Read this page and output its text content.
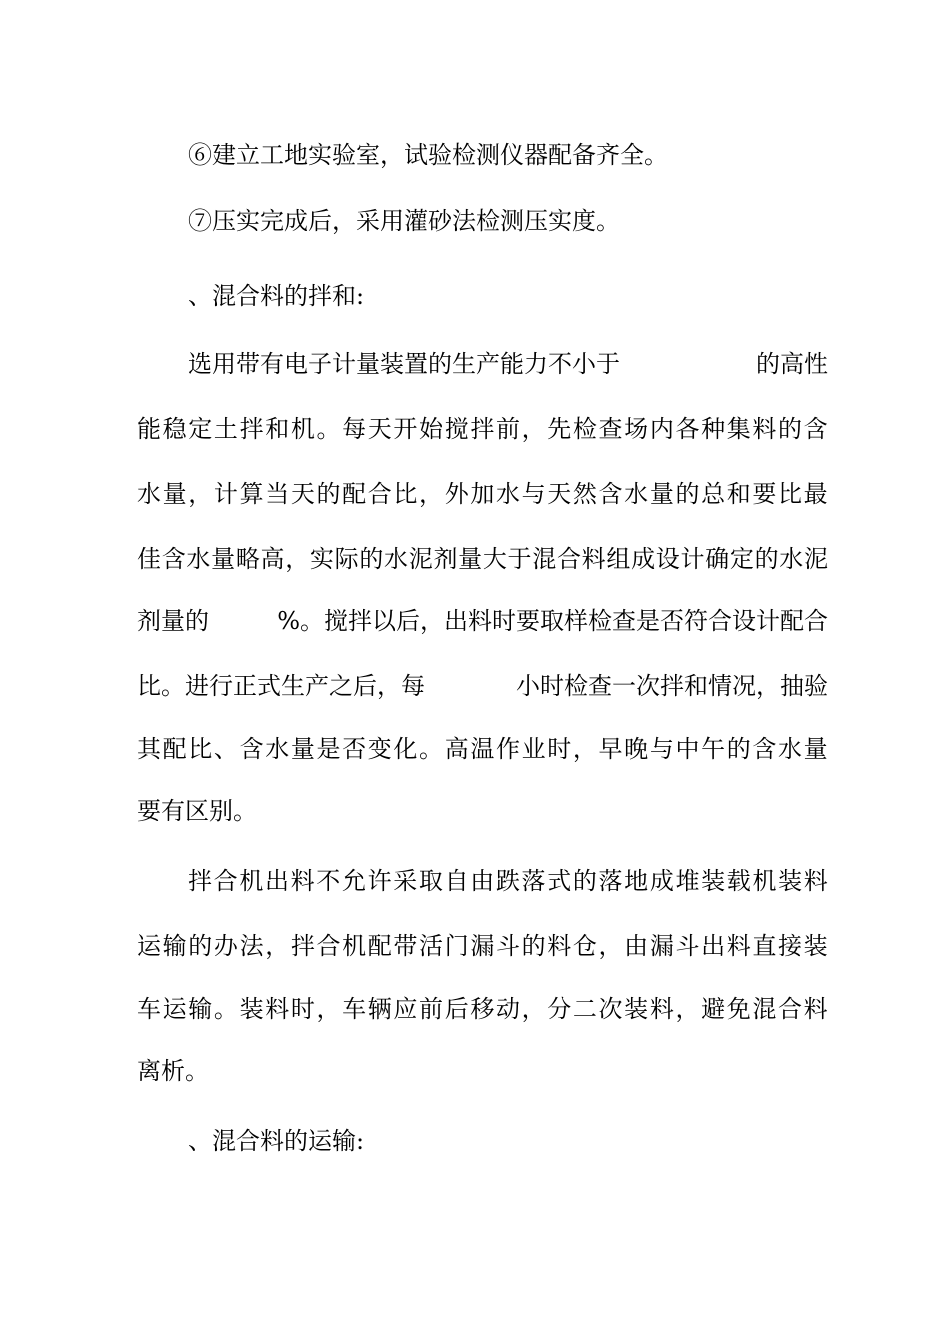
⑥建立工地实验室，试验检测仪器配备齐全。
⑦压实完成后，采用灌砂法检测压实度。
、混合料的拌和:
选用带有电子计量装置的生产能力不小于	的高性
能 稳 定 土 拌 和 机 。 每 天 开 始 搅 拌 前 ， 先 检 查 场 内 各 种 集 料 的 含
水 量 ， 计 算 当 天 的 配 合 比 ， 外 加 水 与 天 然 含 水 量 的 总 和 要 比 最
佳 含 水 量 略 高 ， 实 际 的 水 泥 剂 量 大 于 混 合 料 组 成 设 计 确 定 的 水 泥
剂量的	%。搅拌以后，出料时要取样检查是否符合设计配合
比。进行正式生产之后，每	小时检查一次拌和情况，抽验
其 配 比 、 含 水 量 是 否 变 化 。 高 温 作 业 时 ， 早 晚 与 中 午 的 含 水 量
要有区别。
拌 合 机 出 料 不 允 许 采 取 自 由 跌 落 式 的 落 地 成 堆 装 载 机 装 料
运 输 的 办 法 ， 拌 合 机 配 带 活 门 漏 斗 的 料 仓 ， 由 漏 斗 出 料 直 接 装
车 运 输 。 装 料 时 ， 车 辆 应 前 后 移 动 ， 分 二 次 装 料 ， 避 免 混 合 料
离析。
、混合料的运输:
